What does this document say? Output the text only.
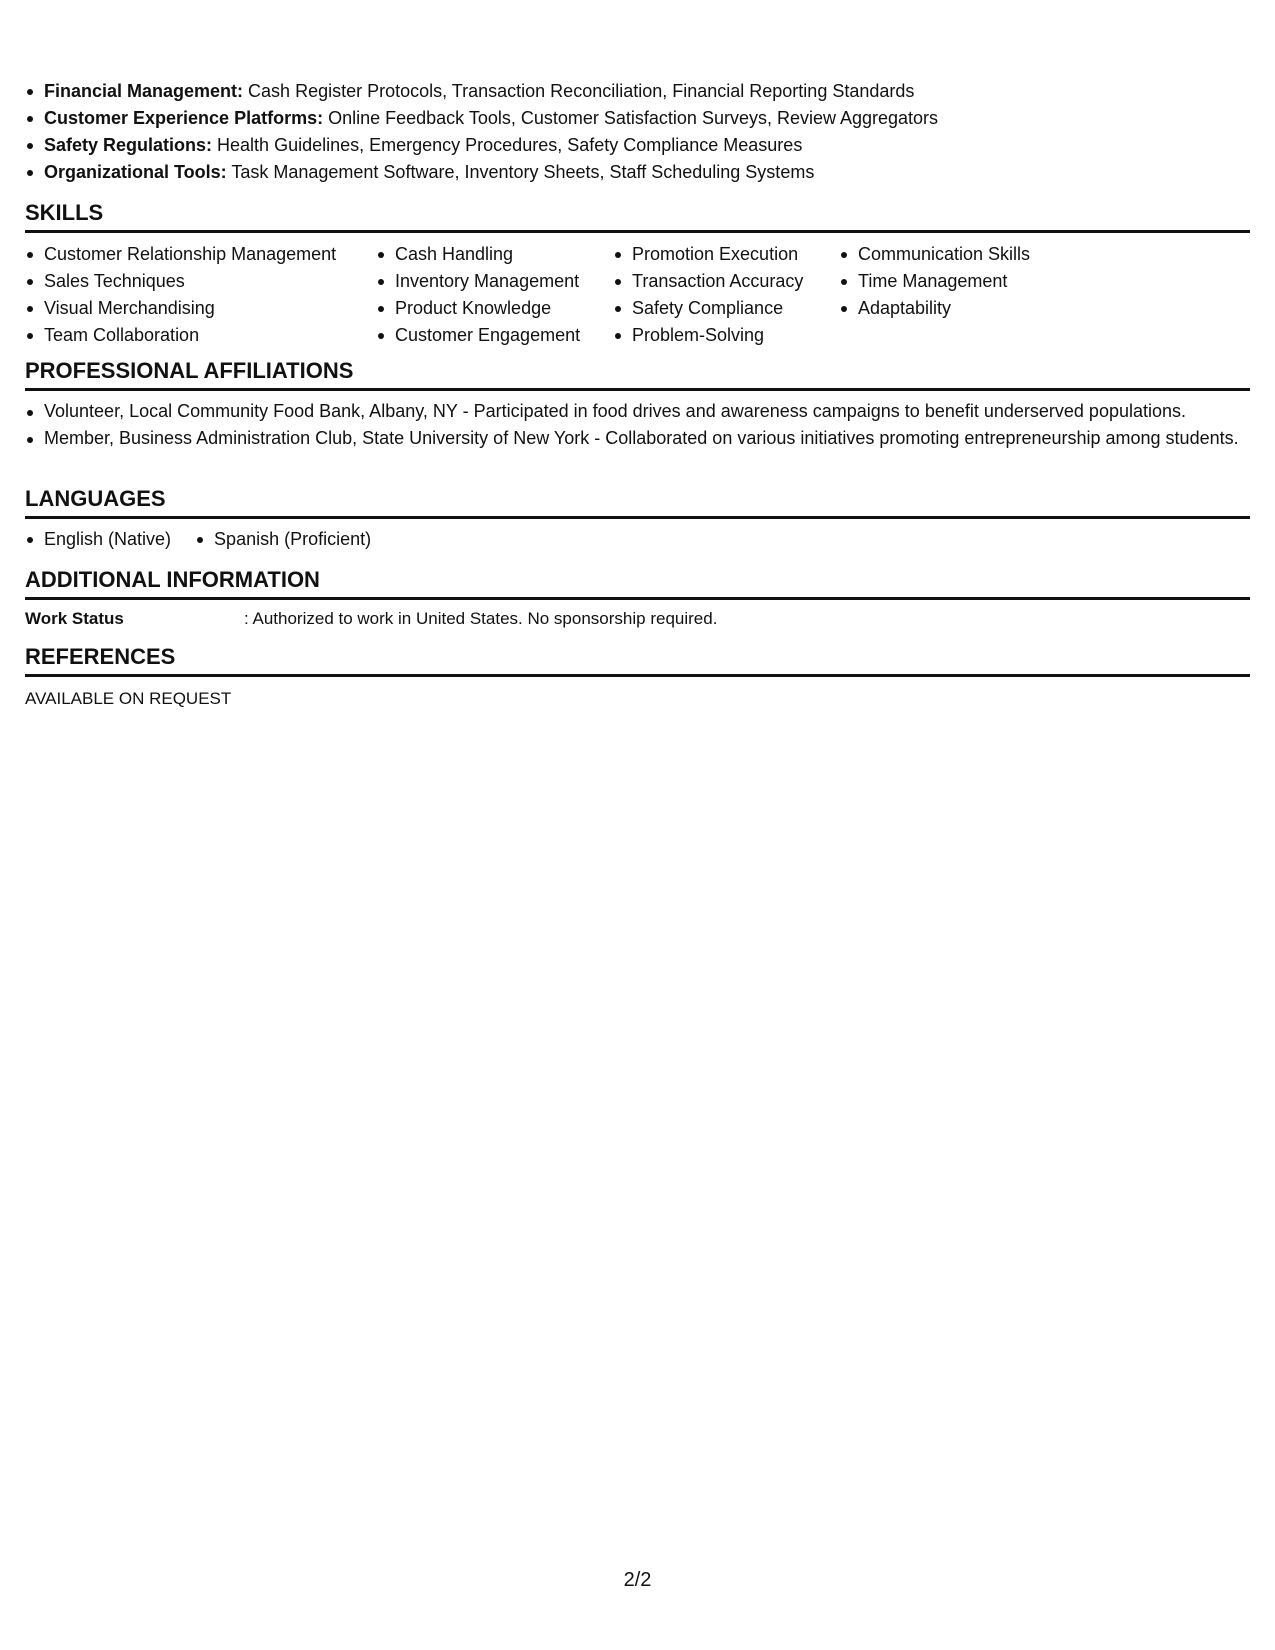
Financial Management: Cash Register Protocols, Transaction Reconciliation, Financial Reporting Standards
Customer Experience Platforms: Online Feedback Tools, Customer Satisfaction Surveys, Review Aggregators
Safety Regulations: Health Guidelines, Emergency Procedures, Safety Compliance Measures
Organizational Tools: Task Management Software, Inventory Sheets, Staff Scheduling Systems
SKILLS
Customer Relationship Management
Sales Techniques
Visual Merchandising
Team Collaboration
Cash Handling
Inventory Management
Product Knowledge
Customer Engagement
Promotion Execution
Transaction Accuracy
Safety Compliance
Problem-Solving
Communication Skills
Time Management
Adaptability
PROFESSIONAL AFFILIATIONS
Volunteer, Local Community Food Bank, Albany, NY - Participated in food drives and awareness campaigns to benefit underserved populations.
Member, Business Administration Club, State University of New York - Collaborated on various initiatives promoting entrepreneurship among students.
LANGUAGES
English (Native)	Spanish (Proficient)
ADDITIONAL INFORMATION
Work Status	: Authorized to work in United States. No sponsorship required.
REFERENCES
AVAILABLE ON REQUEST
2/2
